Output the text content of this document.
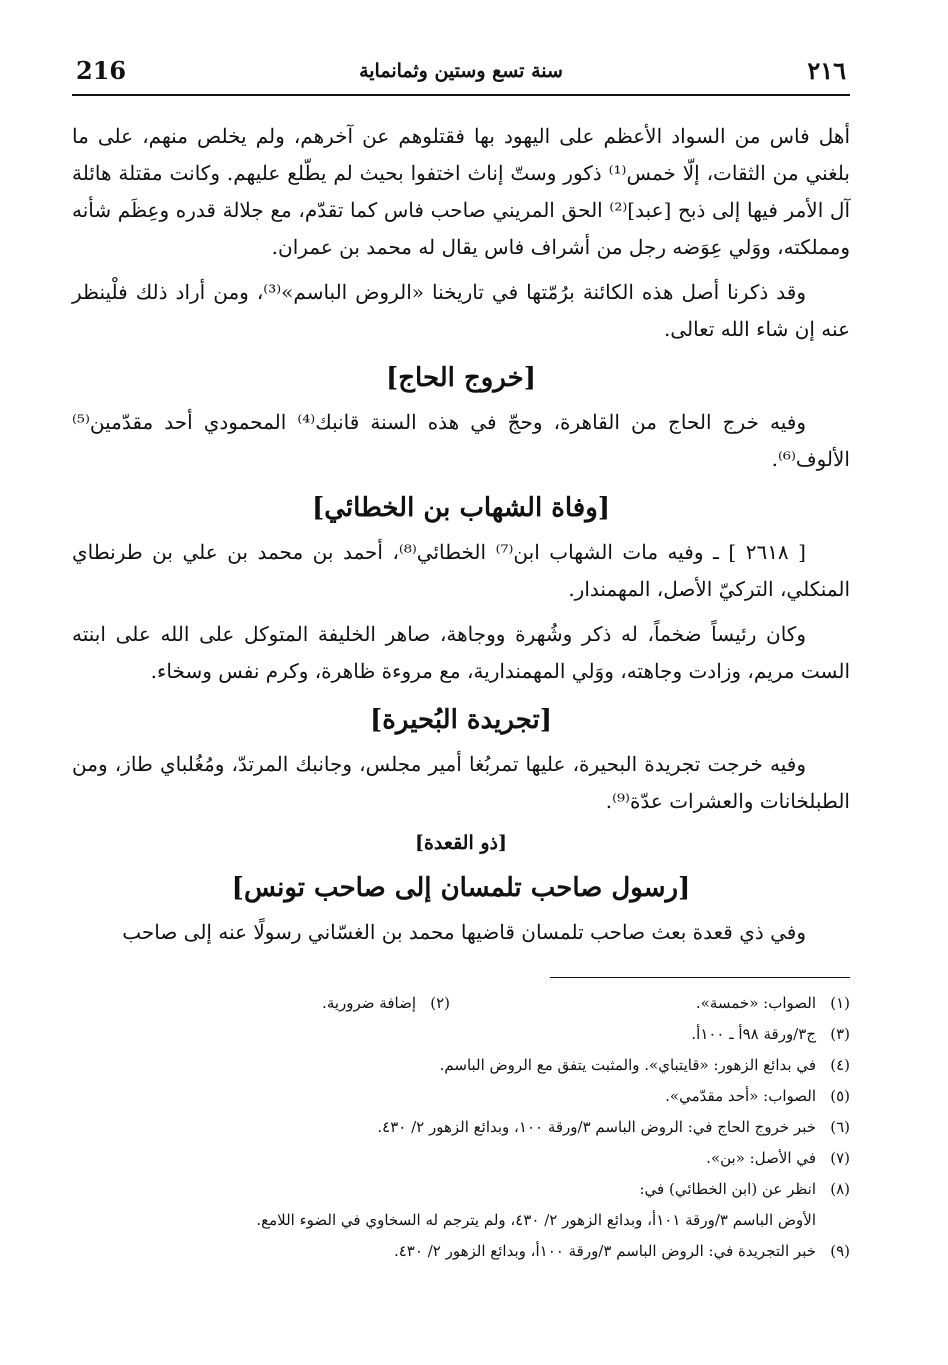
٢١٦
سنة تسع وستين وثمانماية
216

أهل فاس من السواد الأعظم على اليهود بها فقتلوهم عن آخرهم، ولم يخلص منهم، على ما بلغني من الثقات، إلّا خمس⁽¹⁾ ذكور وستّ إناث اختفوا بحيث لم يطّلع عليهم. وكانت مقتلة هائلة آل الأمر فيها إلى ذبح [عبد]⁽²⁾ الحق المريني صاحب فاس كما تقدّم، مع جلالة قدره وعِظَم شأنه ومملكته، ووَلي عِوَضه رجل من أشراف فاس يقال له محمد بن عمران.

وقد ذكرنا أصل هذه الكائنة برُمّتها في تاريخنا «الروض الباسم»⁽³⁾، ومن أراد ذلك فلْينظر عنه إن شاء الله تعالى.

[خروج الحاج]

وفيه خرج الحاج من القاهرة، وحجّ في هذه السنة قانبك⁽⁴⁾ المحمودي أحد مقدّمين⁽⁵⁾ الألوف⁽⁶⁾.

[وفاة الشهاب بن الخطائي]

[ ٢٦١٨ ] ـ وفيه مات الشهاب ابن⁽⁷⁾ الخطائي⁽⁸⁾، أحمد بن محمد بن علي بن طرنطاي المنكلي، التركيّ الأصل، المهمندار.

وكان رئيساً ضخماً، له ذكر وشُهرة ووجاهة، صاهر الخليفة المتوكل على الله على ابنته الست مريم، وزادت وجاهته، ووَلي المهمندارية، مع مروءة ظاهرة، وكرم نفس وسخاء.

[تجريدة البُحيرة]

وفيه خرجت تجريدة البحيرة، عليها تمربُغا أمير مجلس، وجانبك المرتدّ، ومُغُلباي طاز، ومن الطبلخانات والعشرات عدّة⁽⁹⁾.

[ذو القعدة]
[رسول صاحب تلمسان إلى صاحب تونس]

وفي ذي قعدة بعث صاحب تلمسان قاضيها محمد بن الغسّاني رسولًا عنه إلى صاحب

(١)
الصواب: «خمسة».
(٢)
إضافة ضرورية.
(٣)
ج٣/ورقة ٩٨أ ـ ١٠٠أ.
(٤)
في بدائع الزهور: «قايتباي». والمثبت يتفق مع الروض الباسم.
(٥)
الصواب: «أحد مقدّمي».
(٦)
خبر خروج الحاج في: الروض الباسم ٣/ورقة ١٠٠، وبدائع الزهور ٢/ ٤٣٠.
(٧)
في الأصل: «بن».
(٨)
انظر عن (ابن الخطائي) في:
الأوض الباسم ٣/ورقة ١٠١أ، وبدائع الزهور ٢/ ٤٣٠، ولم يترجم له السخاوي في الضوء اللامع.
(٩)
خبر التجريدة في: الروض الباسم ٣/ورقة ١٠٠أ، وبدائع الزهور ٢/ ٤٣٠.
